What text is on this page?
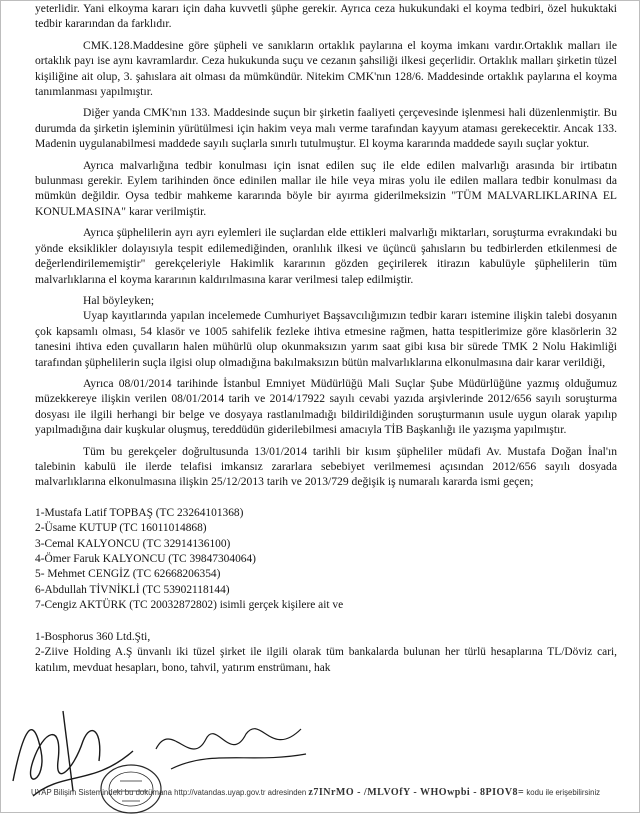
yeterlidir. Yani elkoyma kararı için daha kuvvetli şüphe gerekir. Ayrıca ceza hukukundaki el koyma tedbiri, özel hukuktaki tedbir kararından da farklıdır.

CMK.128.Maddesine göre şüpheli ve sanıkların ortaklık paylarına el koyma imkanı vardır.Ortaklık malları ile ortaklık payı ise aynı kavramlardır. Ceza hukukunda suçu ve cezanın şahsiliği ilkesi geçerlidir. Ortaklık malları şirketin tüzel kişiliğine ait olup, 3. şahıslara ait olması da mümkündür. Nitekim CMK'nın 128/6. Maddesinde ortaklık paylarına el koyma tanımlanması yapılmıştır.

Diğer yanda CMK'nın 133. Maddesinde suçun bir şirketin faaliyeti çerçevesinde işlenmesi hali düzenlenmiştir. Bu durumda da şirketin işleminin yürütülmesi için hakim veya malı verme tarafından kayyum ataması gerekecektir. Ancak 133. Madenin uygulanabilmesi maddede sayılı suçlarla sınırlı tutulmuştur. El koyma kararında maddede sayılı suçlar yoktur.

Ayrıca malvarlığına tedbir konulması için isnat edilen suç ile elde edilen malvarlığı arasında bir irtibatın bulunması gerekir. Eylem tarihinden önce edinilen mallar ile hile veya miras yolu ile edilen mallara tedbir konulması da mümkün değildir. Oysa tedbir mahkeme kararında böyle bir ayırma giderilmeksizin "TÜM MALVARLIKLARINA EL KONULMASINA" karar verilmiştir.

Ayrıca şüphelilerin ayrı ayrı eylemleri ile suçlardan elde ettikleri malvarlığı miktarları, soruşturma evrakındaki bu yönde eksiklikler dolayısıyla tespit edilemediğinden, oranlılık ilkesi ve üçüncü şahısların bu tedbirlerden etkilenmesi de değerlendirilememiştir" gerekçeleriyle Hakimlik kararının gözden geçirilerek itirazın kabulüyle şüphelilerin tüm malvarlıklarına el koyma kararının kaldırılmasına karar verilmesi talep edilmiştir.

Hal böyleyken;

Uyap kayıtlarında yapılan incelemede Cumhuriyet Başsavcılığımızın tedbir kararı istemine ilişkin talebi dosyanın çok kapsamlı olması, 54 klasör ve 1005 sahifelik fezleke ihtiva etmesine rağmen, hatta tespitlerimize göre klasörlerin 32 tanesini ihtiva eden çuvalların halen mühürlü olup okunmaksızın yarım saat gibi kısa bir sürede TMK 2 Nolu Hakimliği tarafından şüphelilerin suçla ilgisi olup olmadığına bakılmaksızın bütün malvarlıklarına elkonulmasına dair karar verildiği,

Ayrıca 08/01/2014 tarihinde İstanbul Emniyet Müdürlüğü Mali Suçlar Şube Müdürlüğüne yazmış olduğumuz müzekkereye ilişkin verilen 08/01/2014 tarih ve 2014/17922 sayılı cevabi yazıda arşivlerinde 2012/656 sayılı soruşturma dosyası ile ilgili herhangi bir belge ve dosyaya rastlanılmadığı bildirildiğinden soruşturmanın usule uygun olarak yapılıp yapılmadığına dair kuşkular oluşmuş, tereddüdün giderilebilmesi amacıyla TİB Başkanlığı ile yazışma yapılmıştır.

Tüm bu gerekçeler doğrultusunda 13/01/2014 tarihli bir kısım şüpheliler müdafi Av. Mustafa Doğan İnal'ın talebinin kabulü ile ilerde telafisi imkansız zararlara sebebiyet verilmemesi açısından 2012/656 sayılı dosyada malvarlıklarına elkonulmasına ilişkin 25/12/2013 tarih ve 2013/729 değişik iş numaralı kararda ismi geçen;

1-Mustafa Latif TOPBAŞ (TC 23264101368)
2-Üsame KUTUP (TC 16011014868)
3-Cemal KALYONCU (TC 32914136100)
4-Ömer Faruk KALYONCU (TC 39847304064)
5- Mehmet CENGİZ (TC 62668206354)
6-Abdullah TİVNİKLİ (TC 53902118144)
7-Cengiz AKTÜRK (TC 20032872802) isimli gerçek kişilere ait ve
1-Bosphorus 360 Ltd.Şti,

2-Ziive Holding A.Ş ünvanlı iki tüzel şirket ile ilgili olarak tüm bankalarda bulunan her türlü hesaplarına TL/Döviz cari, katılım, mevduat hesapları, bono, tahvil, yatırım enstrümanı, hak

UYAP Bilişim Sistemindeki bu dokümana http://vatandas.uyap.gov.tr adresinden z7INrMO - /MLVOfY - WHOwpbi - 8PIOV8= kodu ile erişebilirsiniz
